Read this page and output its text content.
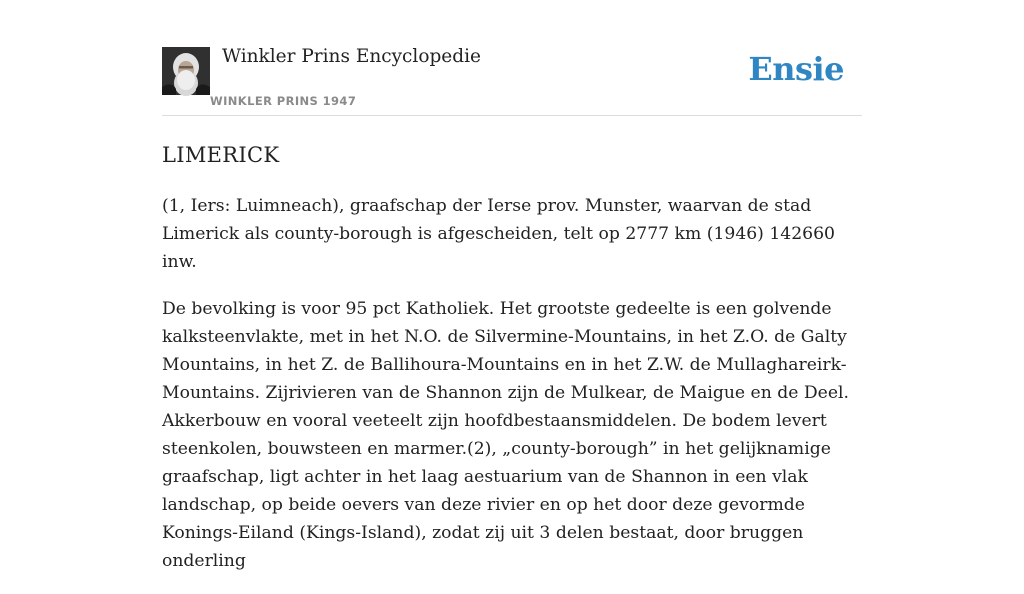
Winkler Prins Encyclopedie
WINKLER PRINS 1947
Ensie
LIMERICK

(1, Iers: Luimneach), graafschap der Ierse prov. Munster, waarvan de stad Limerick als county-borough is afgescheiden, telt op 2777 km (1946) 142660 inw.

De bevolking is voor 95 pct Katholiek. Het grootste gedeelte is een golvende kalksteenvlakte, met in het N.O. de Silvermine-Mountains, in het Z.O. de Galty Mountains, in het Z. de Ballihoura-Mountains en in het Z.W. de Mullaghareirk-Mountains. Zijrivieren van de Shannon zijn de Mulkear, de Maigue en de Deel. Akkerbouw en vooral veeteelt zijn hoofdbestaansmiddelen. De bodem levert steenkolen, bouwsteen en marmer.(2), „county-borough” in het gelijknamige graafschap, ligt achter in het laag aestuarium van de Shannon in een vlak landschap, op beide oevers van deze rivier en op het door deze gevormde Konings-Eiland (Kings-Island), zodat zij uit 3 delen bestaat, door bruggen onderling
